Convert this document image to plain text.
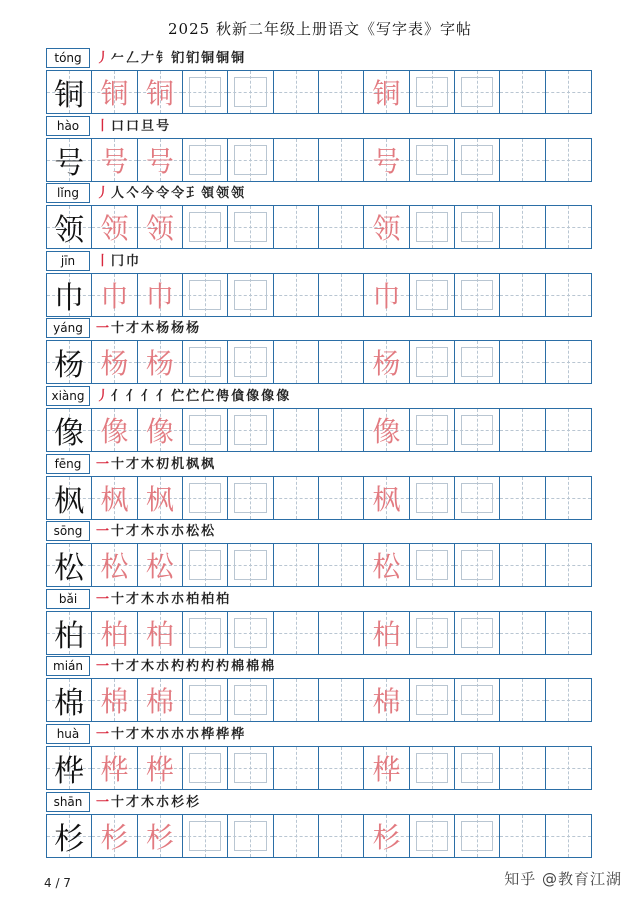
2025 秋新二年级上册语文《写字表》字帖
tóng	丿𠂉𠃋𠂇钅钔钔铜铜铜
铜 铜 铜	铜
hào	丨口口旦号
号 号 号	号
lǐng	丿人亽今令令𤣩領领领
领 领 领	领
jīn	丨冂巾
巾 巾 巾	巾
yáng	一十才木杨杨杨
杨 杨 杨	杨
xiàng 丿亻亻亻亻伫伫伫俜僋像像像
像 像 像	像
fēng	一十才木朷机枫枫
枫 枫 枫	枫
sōng	一十才木朩朩松松
松 松 松	松
bǎi	一十才木朩朩柏柏柏
柏 柏 柏	柏
mián	一十才木朩杓杓杓杓棉棉棉
棉 棉 棉	棉
huà	一十才木朩朩朩桦桦桦
桦 桦 桦	桦
shān	一十才木朩杉杉
杉 杉 杉	杉
4 / 7	知乎 @教育江湖
